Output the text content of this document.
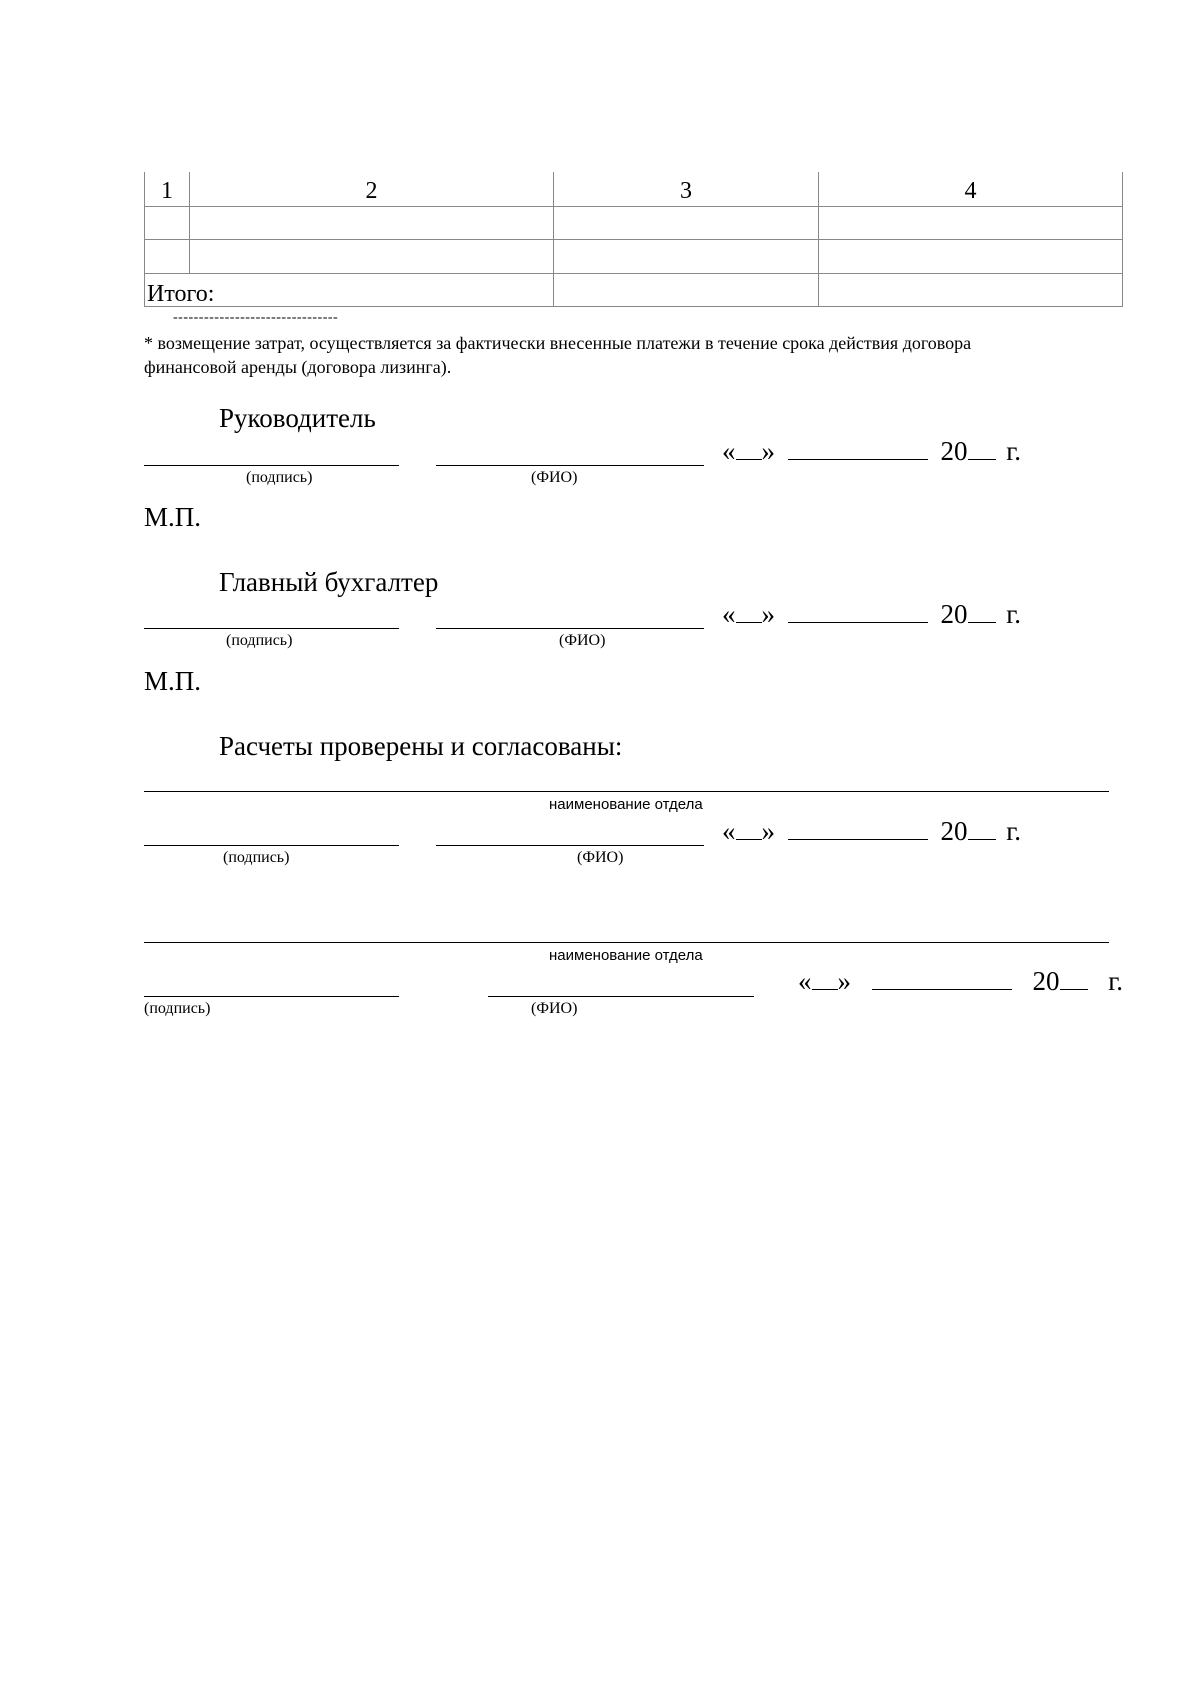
1	2	3	4
Итого:
--------------------------------
* возмещение затрат, осуществляется за фактически внесенные платежи в течение срока действия договора
финансовой аренды (договора лизинга).
Руководитель
« »	20 г.
(подпись)	(ФИО)
М.П.
Главный бухгалтер
« »	20 г.
(подпись)	(ФИО)
М.П.
Расчеты проверены и согласованы:
наименование отдела
« »	20 г.
(подпись)	(ФИО)
наименование отдела
« »	20 г.
(подпись)	(ФИО)
